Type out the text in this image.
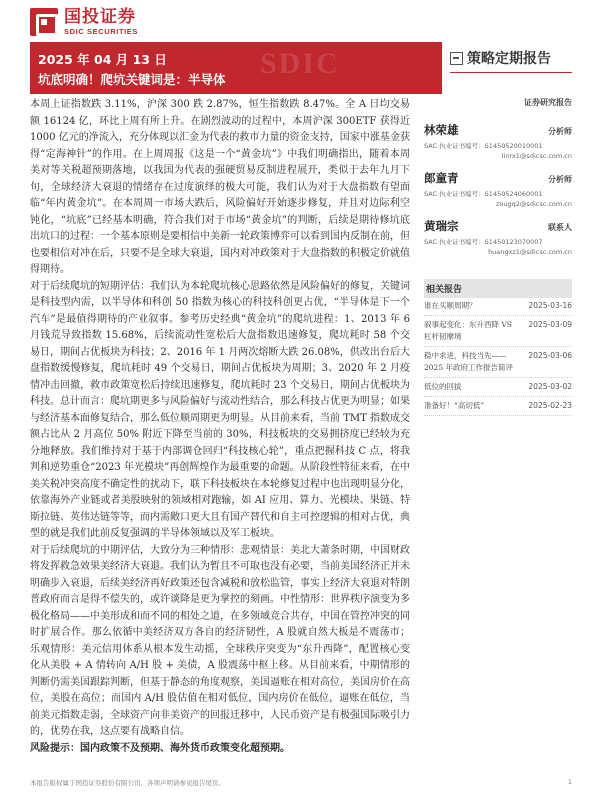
国投证券
SDIC SECURITIES
SDIC
2025 年 04 月 13 日
坑底明确！爬坑关键词是：半导体
策略定期报告

本周上证指数跌 3.11%，沪深 300 跌 2.87%，恒生指数跌 8.47%。全 A 日均交易额 16124 亿，环比上周有所上升。在剧烈波动的过程中，本周沪深 300ETF 获得近 1000 亿元的净流入，充分体现以汇金为代表的救市力量的资金支持，国家中涨基金获得“定海神针”的作用。在上周周报《这是一个“黄金坑”》中我们明确指出，随着本周美对等关税超预期落地，以我国为代表的强硬贸易反制进程展开，类似于去年九月下旬，全球经济大衰退的情绪存在过度演绎的极大可能，我们认为对于大盘指数有望面临“年内黄金坑”。在本周周一市场大跌后，风险偏好开始逐步修复，并且对边际利空钝化，“坑底”已经基本明确，符合我们对于市场“黄金坑”的判断，后续是期待修坑底出坑口的过程：一个基本原则是要相信中美新一轮政策博弈可以看到国内反制在前，但也要相信对冲在后，只要不是全球大衰退，国内对冲政策对于大盘指数的积极定价就值得期待。

对于后续爬坑的短期评估：我们认为本轮爬坑核心思路依然是风险偏好的修复，关键词是科技型内需，以半导体和科创 50 指数为核心的科技科创更占优，“半导体是下一个汽车”是最值得期待的产业叙事。参考历史经典“黄金坑”的爬坑进程：1、2013 年 6 月钱荒导致指数 15.68%，后续流动性宽松后大盘指数迅速修复，爬坑耗时 58 个交易日，期间占优板块为科技；2、2016 年 1 月两次熔断大跌 26.08%，供改出台后大盘指数缓慢修复，爬坑耗时 49 个交易日，期间占优板块为周期；3、2020 年 2 月疫情冲击回撤，救市政策宽松后持续迅速修复，爬坑耗时 23 个交易日，期间占优板块为科技。总计而言：爬坑期更多与风险偏好与流动性结合，那么科技占优更为明显；如果与经济基本面修复结合，那么低位顺周期更为明显。从目前来看，当前 TMT 指数成交额占比从 2 月高位 50% 附近下降至当前的 30%，科技板块的交易拥挤度已经较为充分地释放。我们维持对于基于内部调仓回归“科技核心轮”，重点把握科技 C 点，将我判和逆势重仓“2023 年光模块”再创辉煌作为最重要的命题。从阶段性特征来看，在中美关税冲突高度不确定性的扰动下，联下科技板块在本轮修复过程中也出现明显分化，依靠海外产业链或者美股映射的领域相对跑输，如 AI 应用、算力、光模块、果链、特斯拉链、英伟达链等等，而内需敞口更大且有国产替代和自主可控逻辑的相对占优，典型的就是我们此前反复强调的半导体领域以及军工板块。

对于后续爬坑的中期评估，大致分为三种情形：悲观情景：美北大萧条时期，中国财政将发挥救急效果美经济大衰退。我们认为暂且不可取也没有必要，当前美国经济正并未明确步入衰退，后续美经济再好政策还包含减税和放松监管，事实上经济大衰退对特朗普政府而言是得不偿失的，或许谈降是更为掌控的刻画。中性情形：世界秩序演变为多极化格局——中美形成和而不同的相处之道，在多领域竞合共存，中国在管控冲突的同时扩展合作。那么依循中美经济双方各自的经济韧性，A 股就自然大板是不震荡市；乐观情形：美元信用体系从根本发生动摇，全球秩序突变为“东升西降”，配置核心变化从美股 + A 情转向 A/H 股 + 美债，A 股震荡中枢上移。从目前来看，中期情形的判断仍需美国跟踪判断，但基于静态的角度观察，美国逼账在相对高位，美国房价在高位，美股在高位；而国内 A/H 股估值在相对低位，国内房价在低位，逼账在低位，当前美元指数走弱，全球资产向非美资产的回报迁移中，人民币资产是有极强国际吸引力的，优势在我，这点要有战略自信。

风险提示：国内政策不及预期、海外货币政策变化超预期。

证券研究报告
林荣雄	分析师
SAC 执业证书编号：S1450520010001
linrx1@sdicsc.com.cn
郎童青	分析师
SAC 执业证书编号：S1450524060001
zougq2@sdicsc.com.cn
黄瑞宗	联系人
SAC 执业证书编号：S1450123070007
huangxz1@sdicsc.com.cn
相关报告
谁在买顺周期？	2025-03-16
叙事起变化：东升西降 VS 杠杆韧摩境
2025-03-09
稳中求进，科技当先——2025 年政府工作报告简评
2025-03-06
低位的回拔	2025-03-02
准备好！“高切低”	2025-02-23
本报告版权属于国投证券股份有限公司，各项声明请参见报告尾页。	1
